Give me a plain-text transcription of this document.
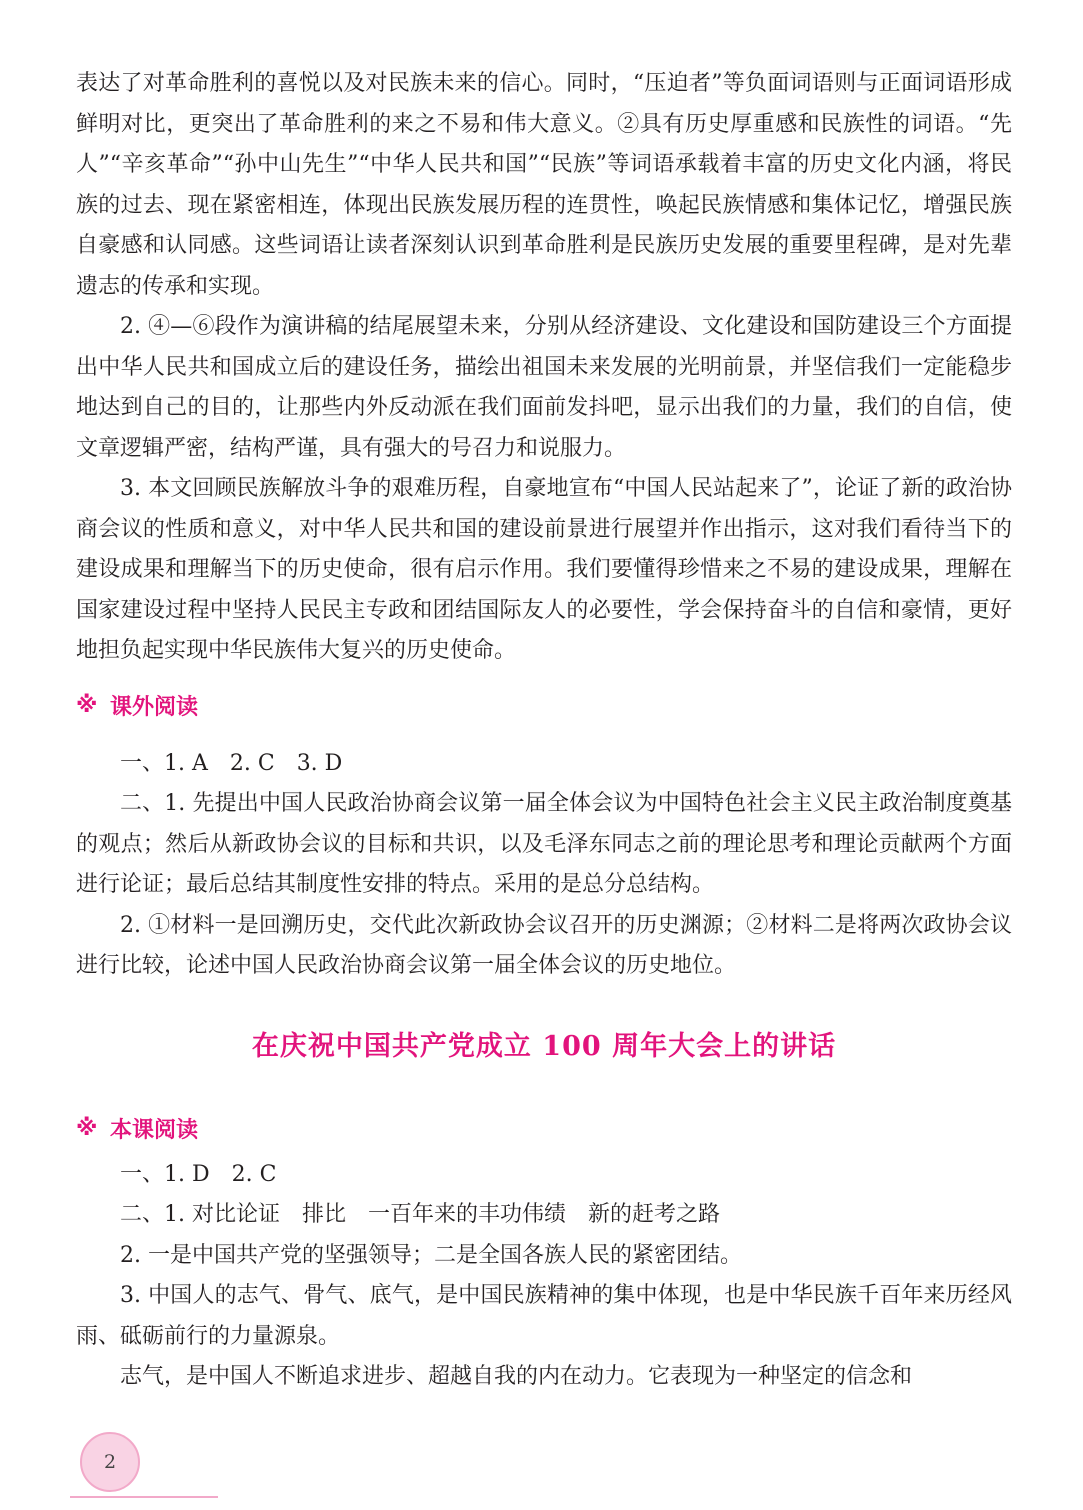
表达了对革命胜利的喜悦以及对民族未来的信心。同时，“压迫者”等负面词语则与正面词语形成鲜明对比，更突出了革命胜利的来之不易和伟大意义。②具有历史厚重感和民族性的词语。“先人”“辛亥革命”“孙中山先生”“中华人民共和国”“民族”等词语承载着丰富的历史文化内涵，将民族的过去、现在紧密相连，体现出民族发展历程的连贯性，唤起民族情感和集体记忆，增强民族自豪感和认同感。这些词语让读者深刻认识到革命胜利是民族历史发展的重要里程碑，是对先辈遗志的传承和实现。

2. ④—⑥段作为演讲稿的结尾展望未来，分别从经济建设、文化建设和国防建设三个方面提出中华人民共和国成立后的建设任务，描绘出祖国未来发展的光明前景，并坚信我们一定能稳步地达到自己的目的，让那些内外反动派在我们面前发抖吧，显示出我们的力量，我们的自信，使文章逻辑严密，结构严谨，具有强大的号召力和说服力。

3. 本文回顾民族解放斗争的艰难历程，自豪地宣布“中国人民站起来了”，论证了新的政治协商会议的性质和意义，对中华人民共和国的建设前景进行展望并作出指示，这对我们看待当下的建设成果和理解当下的历史使命，很有启示作用。我们要懂得珍惜来之不易的建设成果，理解在国家建设过程中坚持人民民主专政和团结国际友人的必要性，学会保持奋斗的自信和豪情，更好地担负起实现中华民族伟大复兴的历史使命。

※ 课外阅读

一、1. A　2. C　3. D

二、1. 先提出中国人民政治协商会议第一届全体会议为中国特色社会主义民主政治制度奠基的观点；然后从新政协会议的目标和共识，以及毛泽东同志之前的理论思考和理论贡献两个方面进行论证；最后总结其制度性安排的特点。采用的是总分总结构。

2. ①材料一是回溯历史，交代此次新政协会议召开的历史渊源；②材料二是将两次政协会议进行比较，论述中国人民政治协商会议第一届全体会议的历史地位。

在庆祝中国共产党成立 100 周年大会上的讲话
※ 本课阅读

一、1. D　2. C

二、1. 对比论证　排比　一百年来的丰功伟绩　新的赶考之路

2. 一是中国共产党的坚强领导；二是全国各族人民的紧密团结。

3. 中国人的志气、骨气、底气，是中国民族精神的集中体现，也是中华民族千百年来历经风雨、砥砺前行的力量源泉。

志气，是中国人不断追求进步、超越自我的内在动力。它表现为一种坚定的信念和

2
